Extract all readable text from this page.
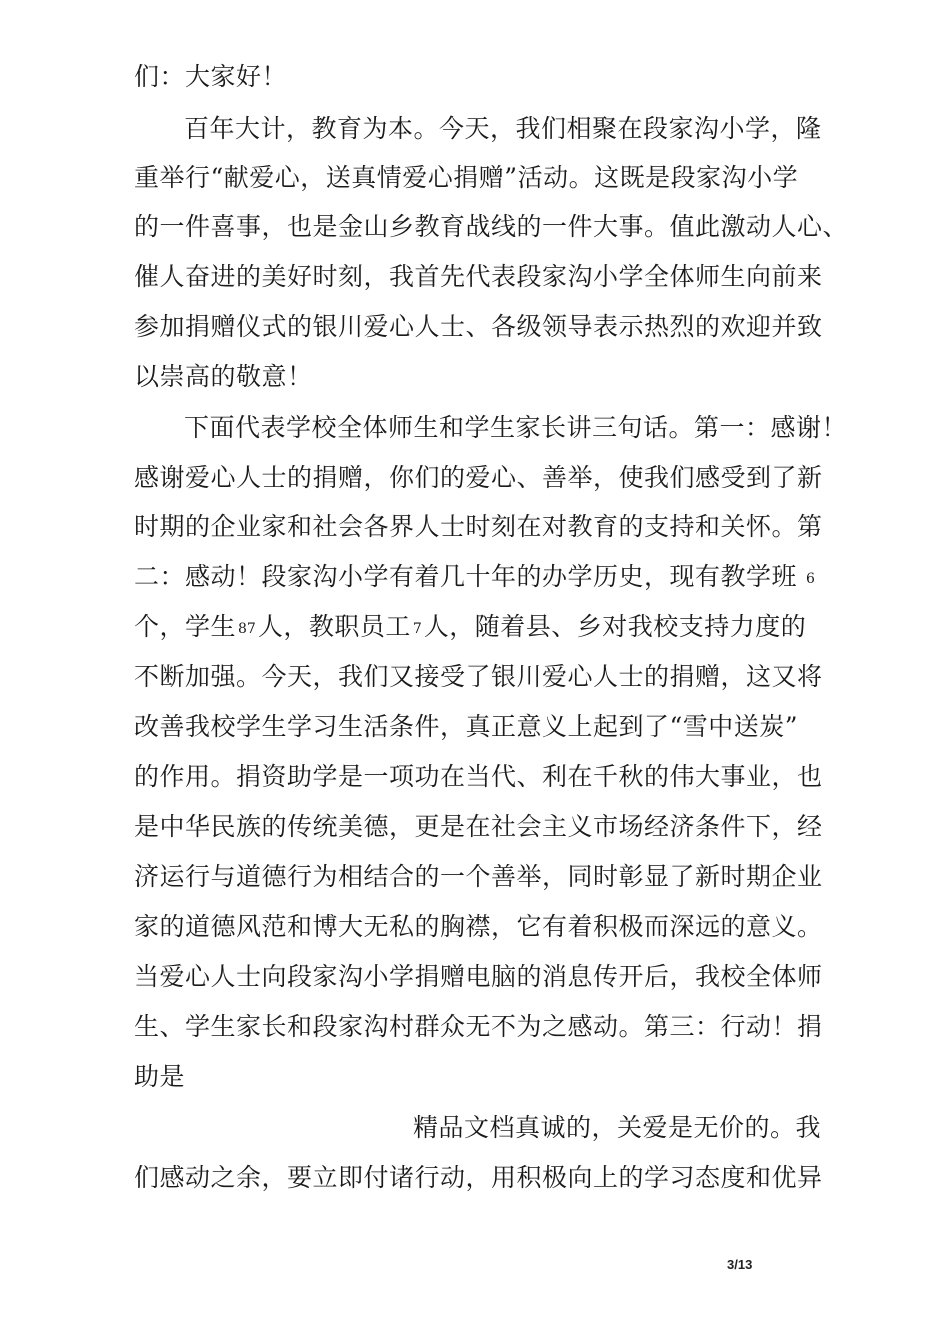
们：大家好！
百年大计，教育为本。今天，我们相聚在段家沟小学，隆
重举行“献爱心，送真情爱心捐赠”活动。这既是段家沟小学
的一件喜事，也是金山乡教育战线的一件大事。值此激动人心、
催人奋进的美好时刻，我首先代表段家沟小学全体师生向前来
参加捐赠仪式的银川爱心人士、各级领导表示热烈的欢迎并致
以崇高的敬意！
下面代表学校全体师生和学生家长讲三句话。第一：感谢！
感谢爱心人士的捐赠，你们的爱心、善举，使我们感受到了新
时期的企业家和社会各界人士时刻在对教育的支持和关怀。第
二：感动！段家沟小学有着几十年的办学历史，现有教学班 6
个，学生 87人，教职员工 7人，随着县、乡对我校支持力度的
不断加强。今天，我们又接受了银川爱心人士的捐赠，这又将
改善我校学生学习生活条件，真正意义上起到了“雪中送炭”
的作用。捐资助学是一项功在当代、利在千秋的伟大事业，也
是中华民族的传统美德，更是在社会主义市场经济条件下，经
济运行与道德行为相结合的一个善举，同时彰显了新时期企业
家的道德风范和博大无私的胸襟，它有着积极而深远的意义。
当爱心人士向段家沟小学捐赠电脑的消息传开后，我校全体师
生、学生家长和段家沟村群众无不为之感动。第三：行动！捐
助是
精品文档真诚的，关爱是无价的。我
们感动之余，要立即付诸行动，用积极向上的学习态度和优异
3/13
